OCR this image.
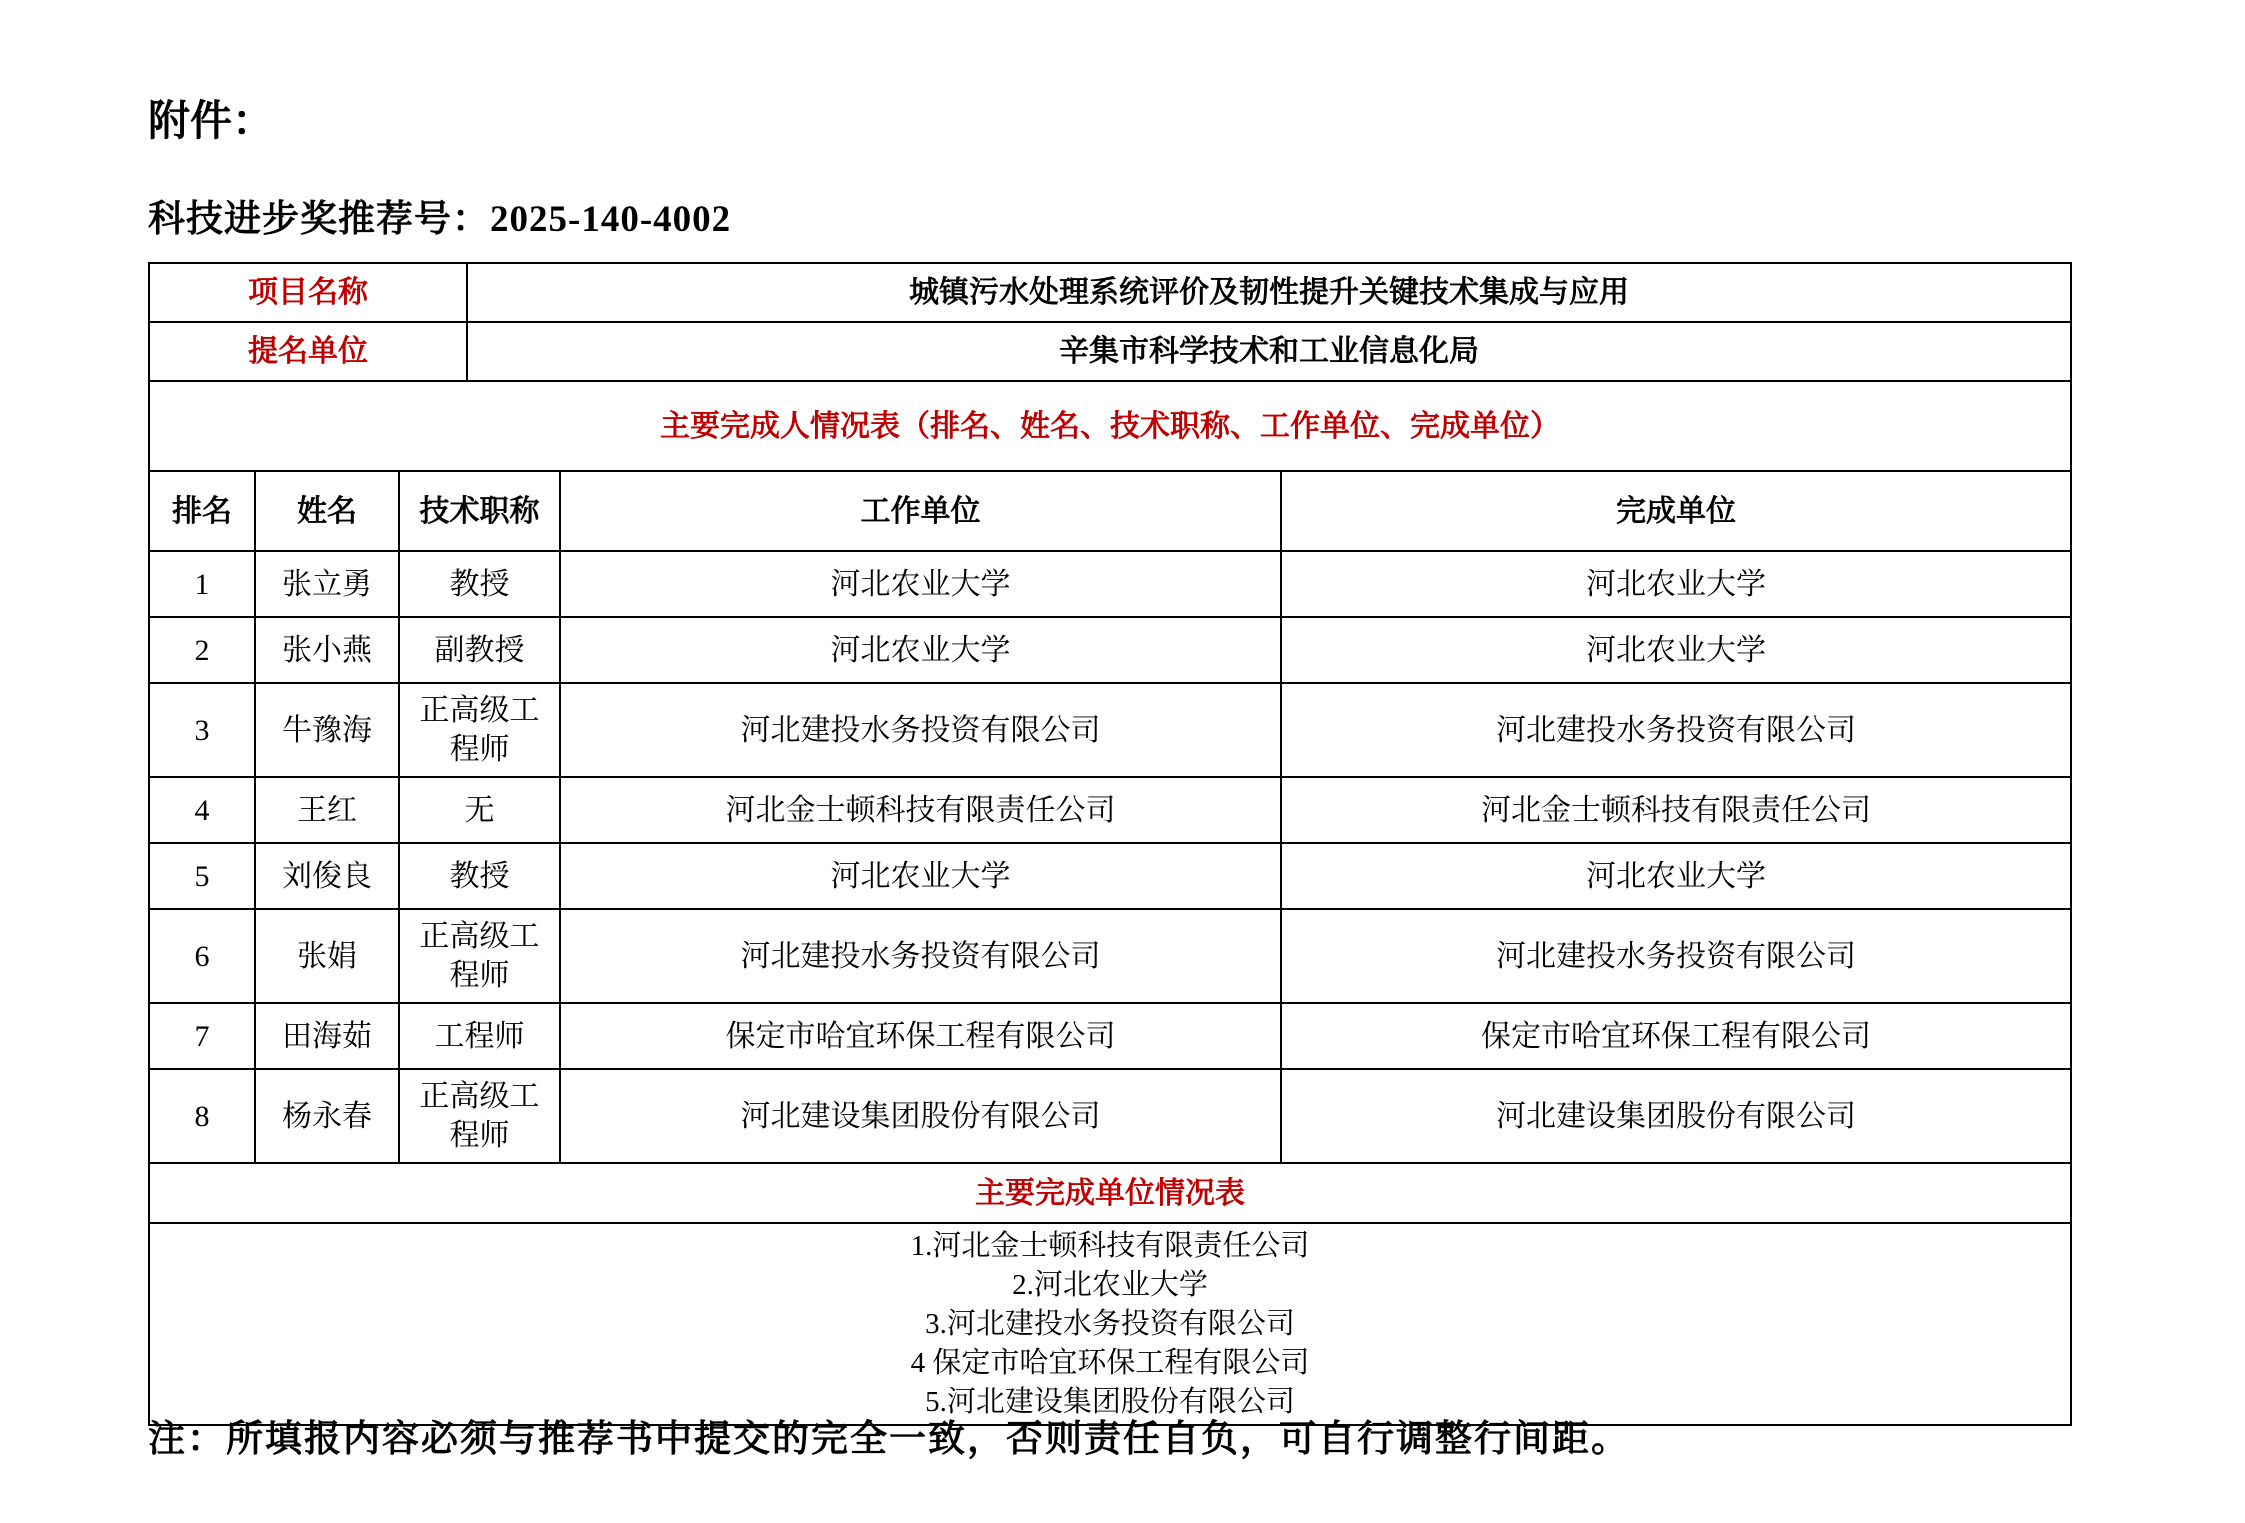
附件：
科技进步奖推荐号：2025-140-4002
项目名称			城镇污水处理系统评价及韧性提升关键技术集成与应用		
提名单位			辛集市科学技术和工业信息化局		
主要完成人情况表（排名、姓名、技术职称、工作单位、完成单位）					
排名	姓名	技术职称		工作单位	完成单位
1	张立勇	教授		河北农业大学	河北农业大学
2	张小燕	副教授		河北农业大学	河北农业大学
3	牛豫海	正高级工程师		河北建投水务投资有限公司	河北建投水务投资有限公司
4	王红	无		河北金士顿科技有限责任公司	河北金士顿科技有限责任公司
5	刘俊良	教授		河北农业大学	河北农业大学
6	张娟	正高级工程师		河北建投水务投资有限公司	河北建投水务投资有限公司
7	田海茹	工程师		保定市哈宜环保工程有限公司	保定市哈宜环保工程有限公司
8	杨永春	正高级工程师		河北建设集团股份有限公司	河北建设集团股份有限公司
主要完成单位情况表					

1.河北金士顿科技有限责任公司
2.河北农业大学
3.河北建投水务投资有限公司
4 保定市哈宜环保工程有限公司
5.河北建设集团股份有限公司					
注：所填报内容必须与推荐书中提交的完全一致，否则责任自负，可自行调整行间距。
